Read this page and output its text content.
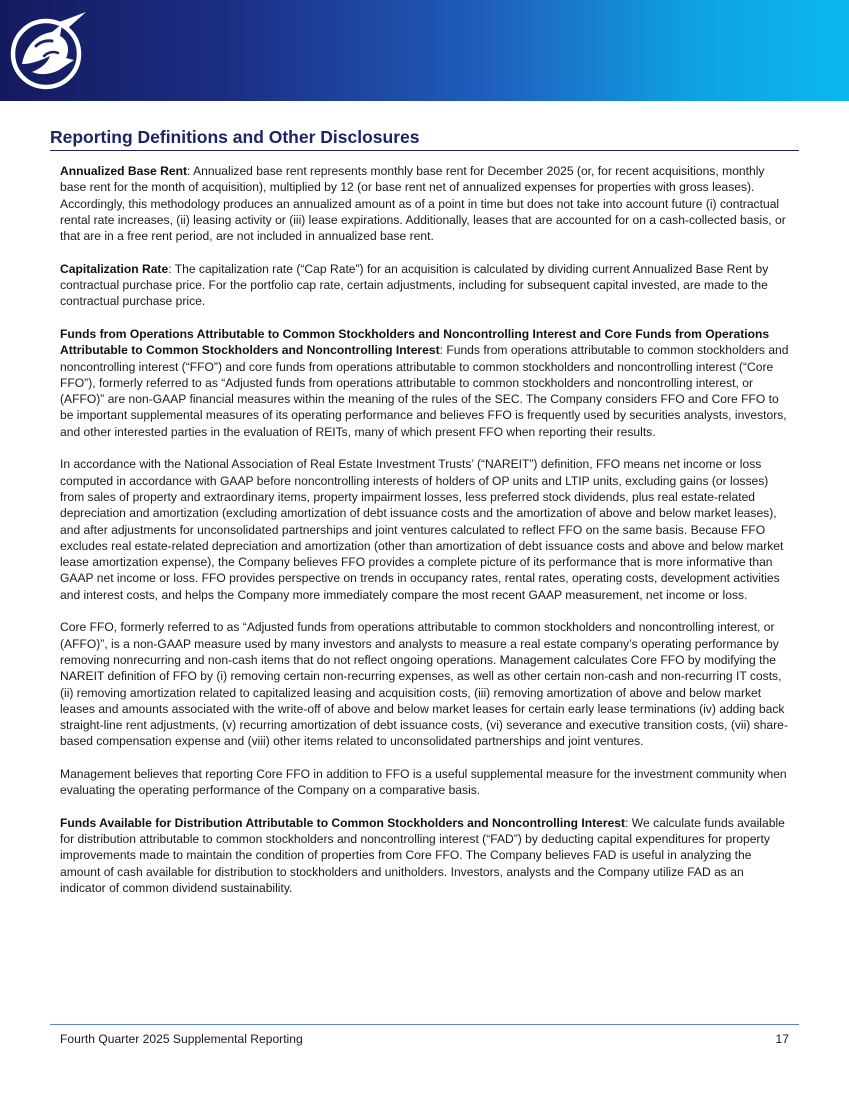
Reporting Definitions and Other Disclosures

Annualized Base Rent: Annualized base rent represents monthly base rent for December 2025 (or, for recent acquisitions, monthly base rent for the month of acquisition), multiplied by 12 (or base rent net of annualized expenses for properties with gross leases). Accordingly, this methodology produces an annualized amount as of a point in time but does not take into account future (i) contractual rental rate increases, (ii) leasing activity or (iii) lease expirations. Additionally, leases that are accounted for on a cash-collected basis, or that are in a free rent period, are not included in annualized base rent.

Capitalization Rate: The capitalization rate (“Cap Rate”) for an acquisition is calculated by dividing current Annualized Base Rent by contractual purchase price. For the portfolio cap rate, certain adjustments, including for subsequent capital invested, are made to the contractual purchase price.

Funds from Operations Attributable to Common Stockholders and Noncontrolling Interest and Core Funds from Operations Attributable to Common Stockholders and Noncontrolling Interest: Funds from operations attributable to common stockholders and noncontrolling interest (“FFO”) and core funds from operations attributable to common stockholders and noncontrolling interest (“Core FFO”), formerly referred to as “Adjusted funds from operations attributable to common stockholders and noncontrolling interest, or (AFFO)” are non-GAAP financial measures within the meaning of the rules of the SEC. The Company considers FFO and Core FFO to be important supplemental measures of its operating performance and believes FFO is frequently used by securities analysts, investors, and other interested parties in the evaluation of REITs, many of which present FFO when reporting their results.

In accordance with the National Association of Real Estate Investment Trusts’ (“NAREIT”) definition, FFO means net income or loss computed in accordance with GAAP before noncontrolling interests of holders of OP units and LTIP units, excluding gains (or losses) from sales of property and extraordinary items, property impairment losses, less preferred stock dividends, plus real estate-related depreciation and amortization (excluding amortization of debt issuance costs and the amortization of above and below market leases), and after adjustments for unconsolidated partnerships and joint ventures calculated to reflect FFO on the same basis. Because FFO excludes real estate-related depreciation and amortization (other than amortization of debt issuance costs and above and below market lease amortization expense), the Company believes FFO provides a complete picture of its performance that is more informative than GAAP net income or loss. FFO provides perspective on trends in occupancy rates, rental rates, operating costs, development activities and interest costs, and helps the Company more immediately compare the most recent GAAP measurement, net income or loss.

Core FFO, formerly referred to as “Adjusted funds from operations attributable to common stockholders and noncontrolling interest, or (AFFO)”, is a non-GAAP measure used by many investors and analysts to measure a real estate company’s operating performance by removing nonrecurring and non-cash items that do not reflect ongoing operations. Management calculates Core FFO by modifying the NAREIT definition of FFO by (i) removing certain non-recurring expenses, as well as other certain non-cash and non-recurring IT costs, (ii) removing amortization related to capitalized leasing and acquisition costs, (iii) removing amortization of above and below market leases and amounts associated with the write-off of above and below market leases for certain early lease terminations (iv) adding back straight-line rent adjustments, (v) recurring amortization of debt issuance costs, (vi) severance and executive transition costs, (vii) share-based compensation expense and (viii) other items related to unconsolidated partnerships and joint ventures.

Management believes that reporting Core FFO in addition to FFO is a useful supplemental measure for the investment community when evaluating the operating performance of the Company on a comparative basis.

Funds Available for Distribution Attributable to Common Stockholders and Noncontrolling Interest: We calculate funds available for distribution attributable to common stockholders and noncontrolling interest (“FAD”) by deducting capital expenditures for property improvements made to maintain the condition of properties from Core FFO. The Company believes FAD is useful in analyzing the amount of cash available for distribution to stockholders and unitholders. Investors, analysts and the Company utilize FAD as an indicator of common dividend sustainability.

Fourth Quarter 2025 Supplemental Reporting	17
